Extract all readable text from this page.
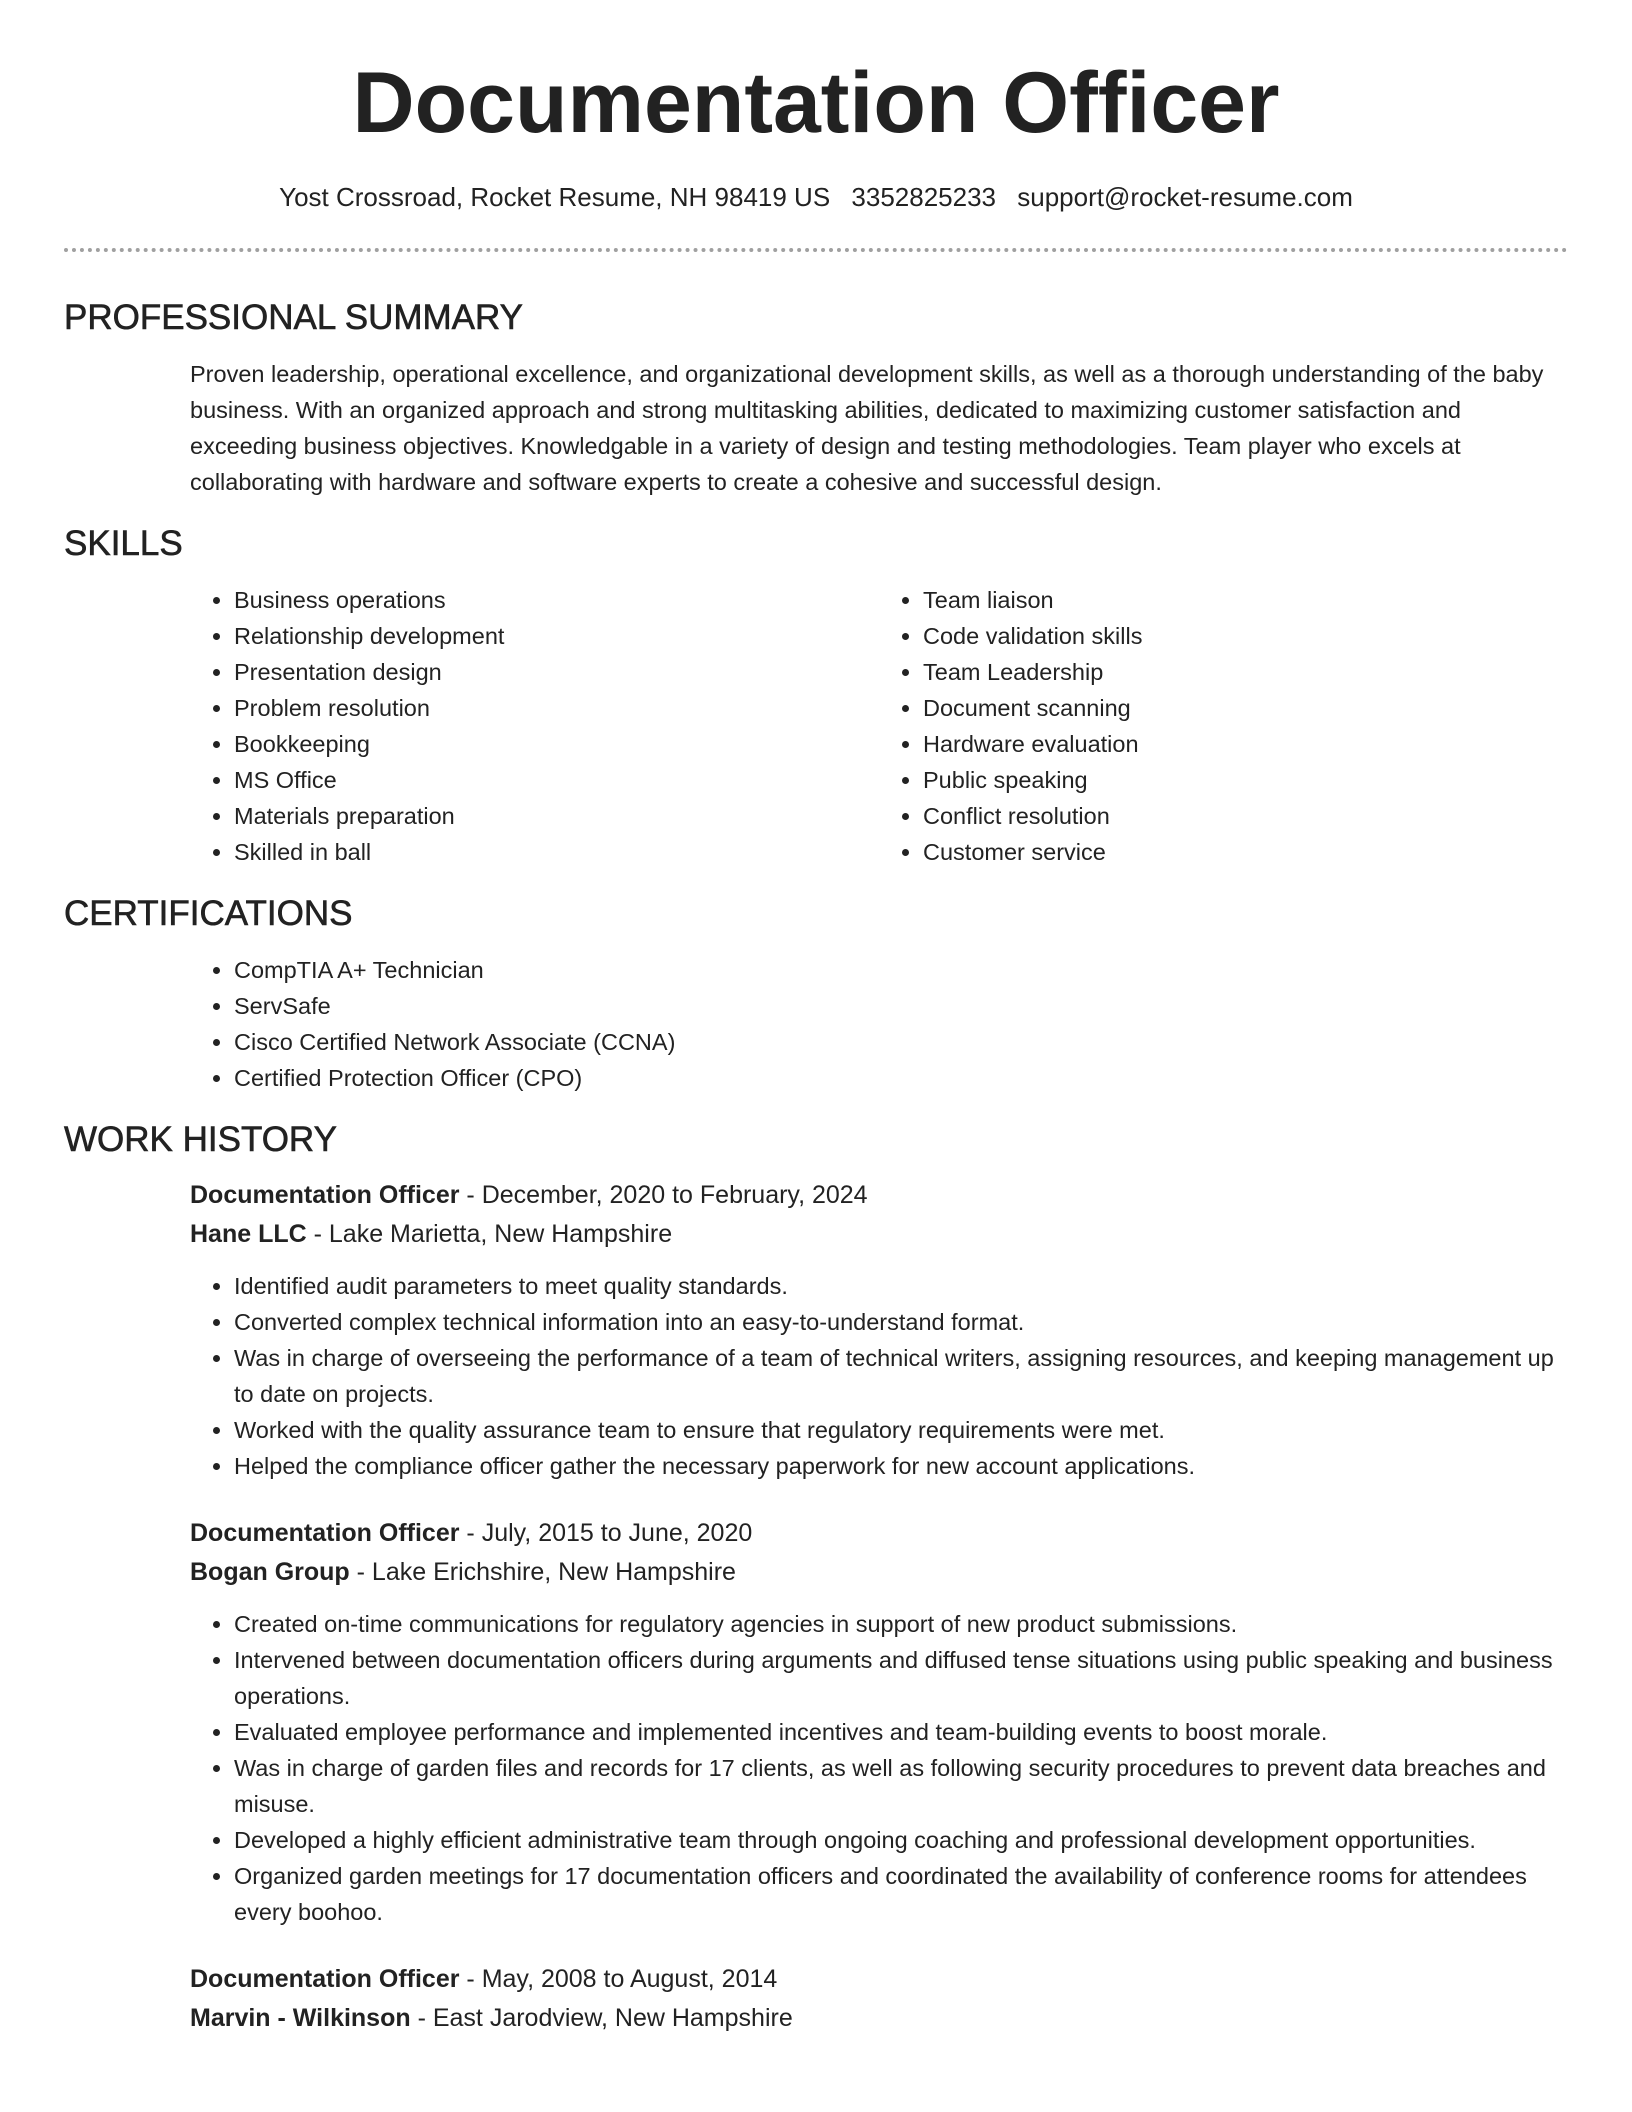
Documentation Officer
Yost Crossroad, Rocket Resume, NH 98419 US 3352825233 support@rocket-resume.com
PROFESSIONAL SUMMARY

Proven leadership, operational excellence, and organizational development skills, as well as a thorough understanding of the baby business. With an organized approach and strong multitasking abilities, dedicated to maximizing customer satisfaction and exceeding business objectives. Knowledgable in a variety of design and testing methodologies. Team player who excels at collaborating with hardware and software experts to create a cohesive and successful design.

SKILLS
• Business operations
• Relationship development
• Presentation design
• Problem resolution
• Bookkeeping
• MS Office
• Materials preparation
• Skilled in ball
• Team liaison
• Code validation skills
• Team Leadership
• Document scanning
• Hardware evaluation
• Public speaking
• Conflict resolution
• Customer service
CERTIFICATIONS
• CompTIA A+ Technician
• ServSafe
• Cisco Certified Network Associate (CCNA)
• Certified Protection Officer (CPO)
WORK HISTORY
Documentation Officer - December, 2020 to February, 2024
Hane LLC - Lake Marietta, New Hampshire
• Identified audit parameters to meet quality standards.
• Converted complex technical information into an easy-to-understand format.
• Was in charge of overseeing the performance of a team of technical writers, assigning resources, and keeping management up to date on projects.
• Worked with the quality assurance team to ensure that regulatory requirements were met.
• Helped the compliance officer gather the necessary paperwork for new account applications.
Documentation Officer - July, 2015 to June, 2020
Bogan Group - Lake Erichshire, New Hampshire
• Created on-time communications for regulatory agencies in support of new product submissions.
• Intervened between documentation officers during arguments and diffused tense situations using public speaking and business operations.
• Evaluated employee performance and implemented incentives and team-building events to boost morale.
• Was in charge of garden files and records for 17 clients, as well as following security procedures to prevent data breaches and misuse.
• Developed a highly efficient administrative team through ongoing coaching and professional development opportunities.
• Organized garden meetings for 17 documentation officers and coordinated the availability of conference rooms for attendees every boohoo.
Documentation Officer - May, 2008 to August, 2014
Marvin - Wilkinson - East Jarodview, New Hampshire
